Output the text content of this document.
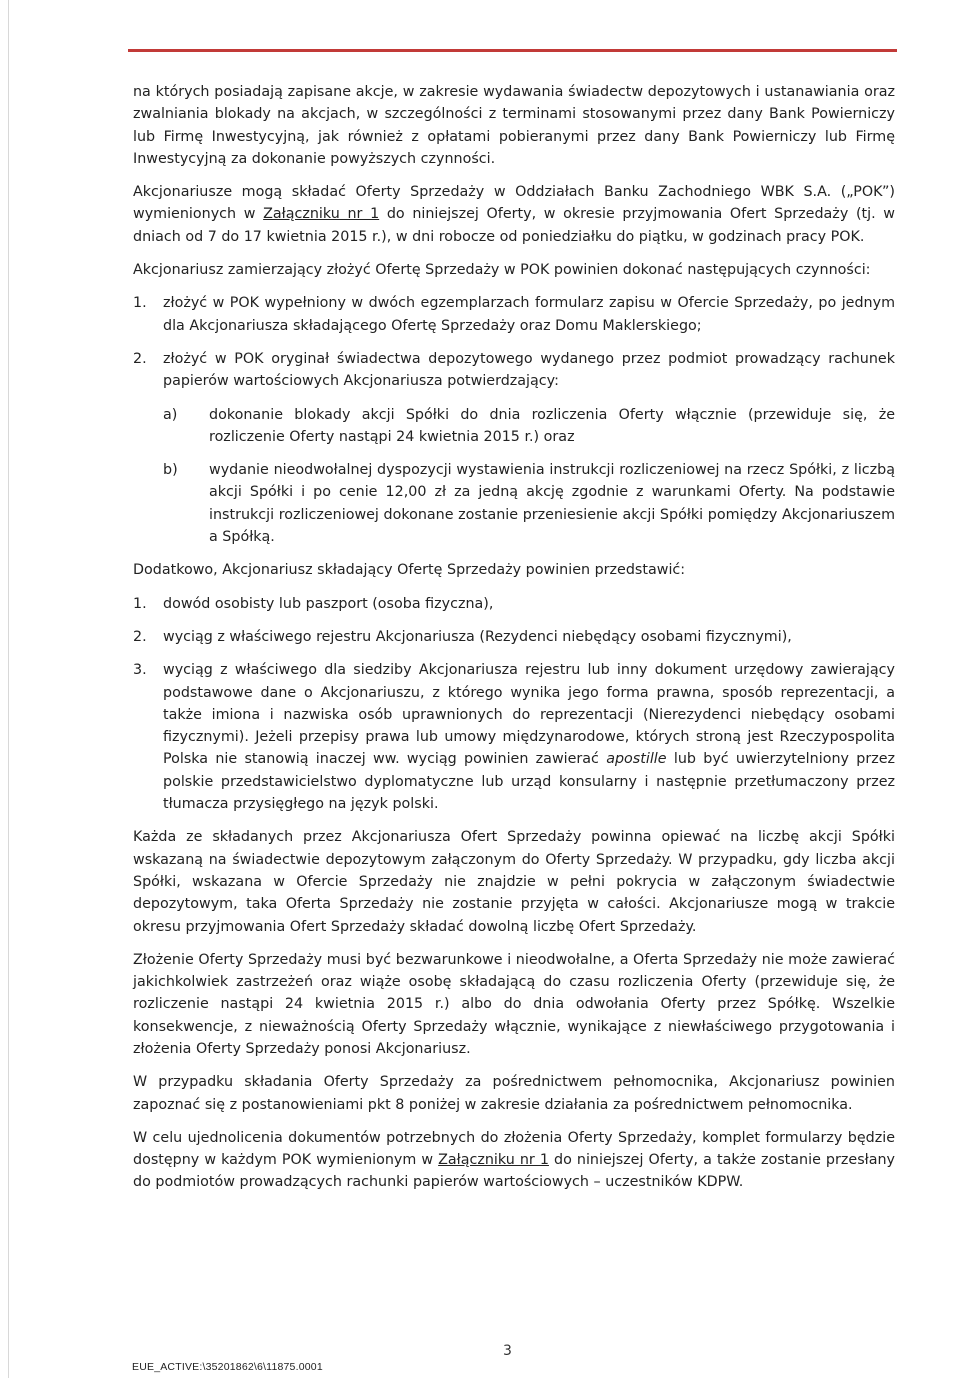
na których posiadają zapisane akcje, w zakresie wydawania świadectw depozytowych i ustanawiania oraz zwalniania blokady na akcjach, w szczególności z terminami stosowanymi przez dany Bank Powierniczy lub Firmę Inwestycyjną, jak również z opłatami pobieranymi przez dany Bank Powierniczy lub Firmę Inwestycyjną za dokonanie powyższych czynności.

Akcjonariusze mogą składać Oferty Sprzedaży w Oddziałach Banku Zachodniego WBK S.A. („POK”) wymienionych w Załączniku nr 1 do niniejszej Oferty, w okresie przyjmowania Ofert Sprzedaży (tj. w dniach od 7 do 17 kwietnia 2015 r.), w dni robocze od poniedziałku do piątku, w godzinach pracy POK.

Akcjonariusz zamierzający złożyć Ofertę Sprzedaży w POK powinien dokonać następujących czynności:

1.	złożyć w POK wypełniony w dwóch egzemplarzach formularz zapisu w Ofercie Sprzedaży, po jednym dla Akcjonariusza składającego Ofertę Sprzedaży oraz Domu Maklerskiego;
2.	złożyć w POK oryginał świadectwa depozytowego wydanego przez podmiot prowadzący rachunek papierów wartościowych Akcjonariusza potwierdzający:
a)	dokonanie blokady akcji Spółki do dnia rozliczenia Oferty włącznie (przewiduje się, że rozliczenie Oferty nastąpi 24 kwietnia 2015 r.) oraz
b)	wydanie nieodwołalnej dyspozycji wystawienia instrukcji rozliczeniowej na rzecz Spółki, z liczbą akcji Spółki i po cenie 12,00 zł za jedną akcję zgodnie z warunkami Oferty. Na podstawie instrukcji rozliczeniowej dokonane zostanie przeniesienie akcji Spółki pomiędzy Akcjonariuszem a Spółką.

Dodatkowo, Akcjonariusz składający Ofertę Sprzedaży powinien przedstawić:

1.	dowód osobisty lub paszport (osoba fizyczna),
2.	wyciąg z właściwego rejestru Akcjonariusza (Rezydenci niebędący osobami fizycznymi),
3.	wyciąg z właściwego dla siedziby Akcjonariusza rejestru lub inny dokument urzędowy zawierający podstawowe dane o Akcjonariuszu, z którego wynika jego forma prawna, sposób reprezentacji, a także imiona i nazwiska osób uprawnionych do reprezentacji (Nierezydenci niebędący osobami fizycznymi). Jeżeli przepisy prawa lub umowy międzynarodowe, których stroną jest Rzeczypospolita Polska nie stanowią inaczej ww. wyciąg powinien zawierać apostille lub być uwierzytelniony przez polskie przedstawicielstwo dyplomatyczne lub urząd konsularny i następnie przetłumaczony przez tłumacza przysięgłego na język polski.

Każda ze składanych przez Akcjonariusza Ofert Sprzedaży powinna opiewać na liczbę akcji Spółki wskazaną na świadectwie depozytowym załączonym do Oferty Sprzedaży. W przypadku, gdy liczba akcji Spółki, wskazana w Ofercie Sprzedaży nie znajdzie w pełni pokrycia w załączonym świadectwie depozytowym, taka Oferta Sprzedaży nie zostanie przyjęta w całości. Akcjonariusze mogą w trakcie okresu przyjmowania Ofert Sprzedaży składać dowolną liczbę Ofert Sprzedaży.

Złożenie Oferty Sprzedaży musi być bezwarunkowe i nieodwołalne, a Oferta Sprzedaży nie może zawierać jakichkolwiek zastrzeżeń oraz wiąże osobę składającą do czasu rozliczenia Oferty (przewiduje się, że rozliczenie nastąpi 24 kwietnia 2015 r.) albo do dnia odwołania Oferty przez Spółkę. Wszelkie konsekwencje, z nieważnością Oferty Sprzedaży włącznie, wynikające z niewłaściwego przygotowania i złożenia Oferty Sprzedaży ponosi Akcjonariusz.

W przypadku składania Oferty Sprzedaży za pośrednictwem pełnomocnika, Akcjonariusz powinien zapoznać się z postanowieniami pkt 8 poniżej w zakresie działania za pośrednictwem pełnomocnika.

W celu ujednolicenia dokumentów potrzebnych do złożenia Oferty Sprzedaży, komplet formularzy będzie dostępny w każdym POK wymienionym w Załączniku nr 1 do niniejszej Oferty, a także zostanie przesłany do podmiotów prowadzących rachunki papierów wartościowych – uczestników KDPW.

3
EUE_ACTIVE:\35201862\6\11875.0001
